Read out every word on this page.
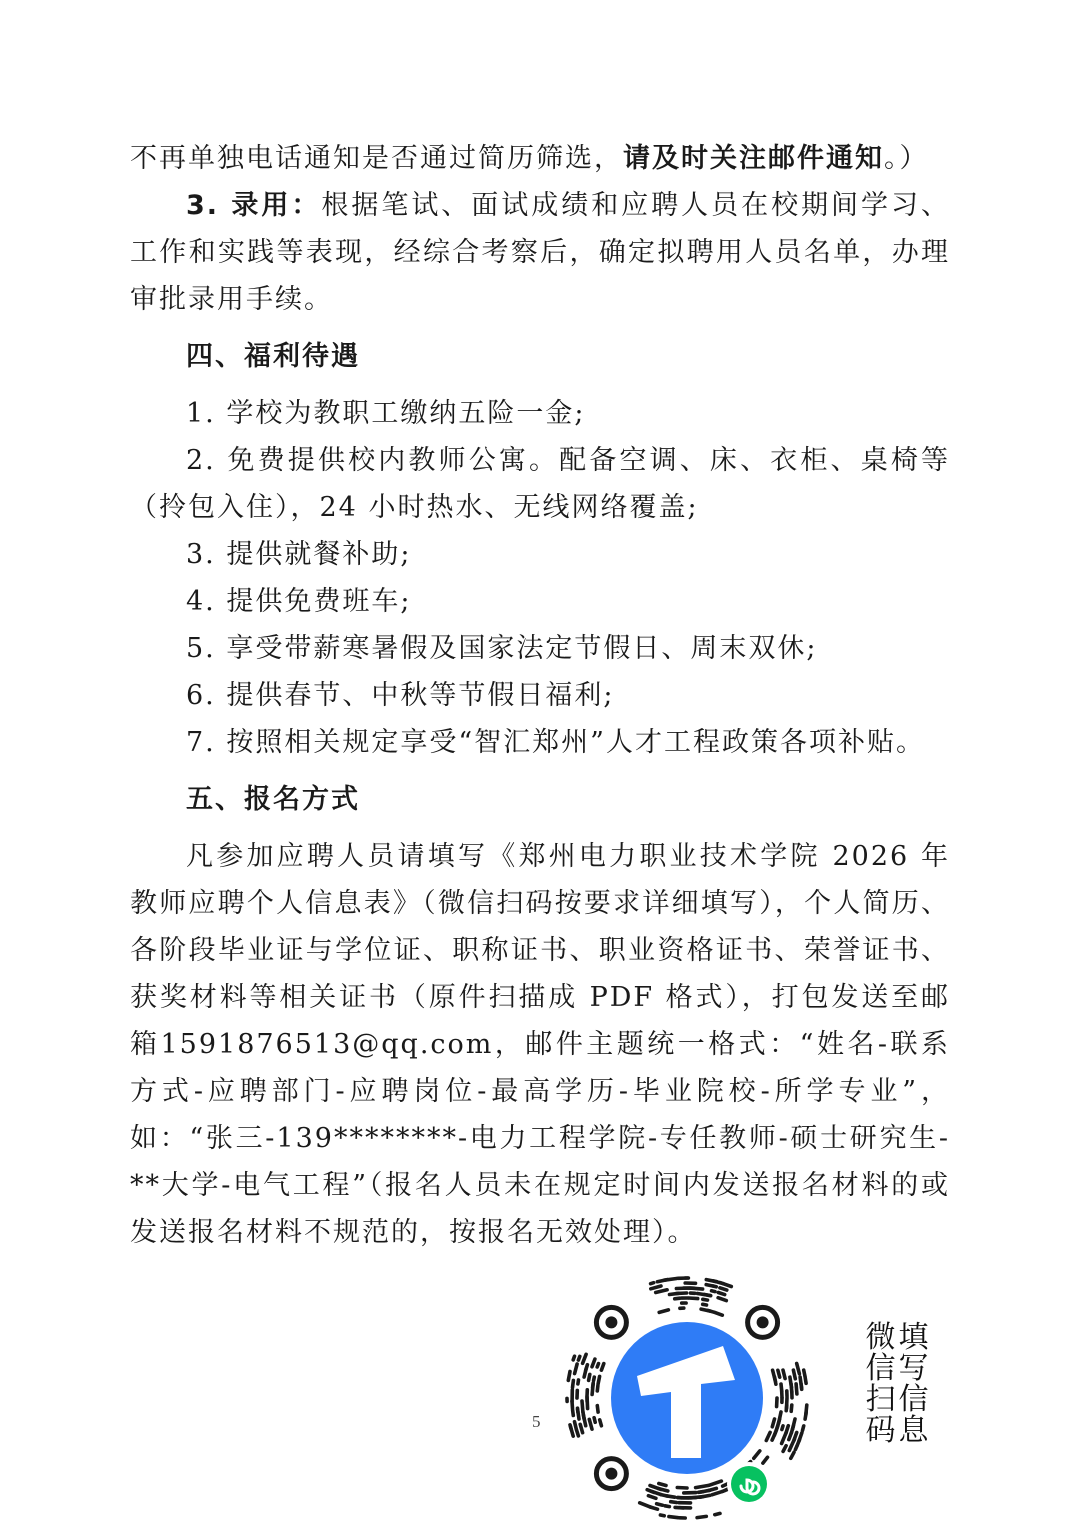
不再单独电话通知是否通过简历筛选，请及时关注邮件通知。）

3. 录用：根据笔试、面试成绩和应聘人员在校期间学习、工作和实践等表现，经综合考察后，确定拟聘用人员名单，办理审批录用手续。

四、福利待遇

1. 学校为教职工缴纳五险一金;

2. 免费提供校内教师公寓。配备空调、床、衣柜、桌椅等（拎包入住），24 小时热水、无线网络覆盖;

3. 提供就餐补助;

4. 提供免费班车;

5. 享受带薪寒暑假及国家法定节假日、周末双休;

6. 提供春节、中秋等节假日福利;

7. 按照相关规定享受“智汇郑州”人才工程政策各项补贴。

五、报名方式

凡参加应聘人员请填写《郑州电力职业技术学院 2026 年教师应聘个人信息表》（微信扫码按要求详细填写），个人简历、各阶段毕业证与学位证、职称证书、职业资格证书、荣誉证书、获奖材料等相关证书（原件扫描成 PDF 格式），打包发送至邮箱1591876513@qq.com，邮件主题统一格式：“姓名-联系方式-应聘部门-应聘岗位-最高学历-毕业院校-所学专业”，如：“张三-139********-电力工程学院-专任教师-硕士研究生-**大学-电气工程”（报名人员未在规定时间内发送报名材料的或发送报名材料不规范的，按报名无效处理）。

5
微
信
扫
码
填
写
信
息
